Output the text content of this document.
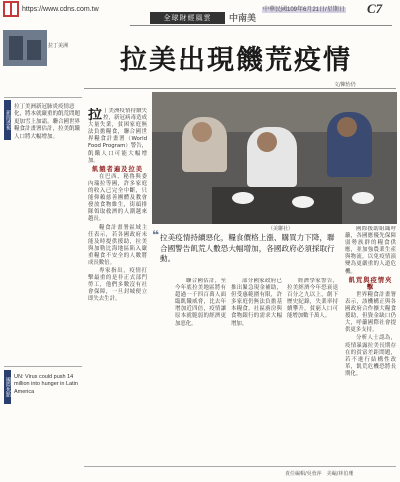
https://www.cdns.com.tw	中華民國109年6月21日/星期日 C7
全球財經風雲	中南美
拉丁美洲
新聞透視
拉丁美洲新冠肺炎疫情惡化，將本就嚴重的飢荒問題更加雪上加霜。聯合國世界糧食計畫署估計，拉美飢餓人口將大幅增加。
國際焦點 UN: Virus could push 14 million into hunger in Latin America
拉美出現饑荒疫情
文/陳怡仍

拉丁美洲疫情持續失控，新冠病毒造成大量失業，貧困家庭無法負擔糧食，聯合國世界糧食計畫署（World Food Program）警告，飢餓人口可能大幅增加。

飢餓者遍及拉美

在巴西、秘魯與委內瑞拉等國，許多家庭的收入已完全中斷，只能仰賴慈善團體及教會發放食物維生，街頭排隊領取救濟的人潮越來越長。

糧食計畫署區域主任表示，若各國政府未能及時提供援助，拉美與加勒比海地區陷入嚴重糧食不安全的人數將成長數倍。

專家指出，疫情打擊最重的是非正式部門勞工，他們多數沒有社會保障，一旦封城便立即失去生計。

（美聯社）
❝ 拉美疫情持續惡化，糧食價格上漲、購買力下降，聯合國警告飢荒人數恐大幅增加，各國政府必須採取行動。

聯合國估計，至今年底拉美地區將有超過一千四百萬人面臨飢餓威脅，比去年增加近四倍，疫情讓原本就脆弱的經濟更加惡化。

部分國家政府已推出緊急現金補助，但受惠範圍有限，許多家庭仍無法負擔基本糧食，社區廚房與食物銀行的需求大幅增加。

經濟學家警告，拉美經濟今年恐衰退百分之九以上，創下歷史紀錄，失業率持續攀升，貧窮人口可能增加數千萬人。

國際援助組織呼籲，各國應優先保障弱勢族群的糧食供應，並加強農業生產與物流，以免疫情演變為更嚴重的人道危機。

飢荒與疫情夾擊

世界糧食計畫署表示，該機構正與各國政府合作擴大糧食援助，但資金缺口仍大，呼籲國際社會提供更多支持。

分析人士認為，疫情暴露拉美長期存在的貧富差距問題，若不進行結構性改革，飢荒危機恐將長期化。

責任編輯/吳蓉萍　美編/林伯珊
